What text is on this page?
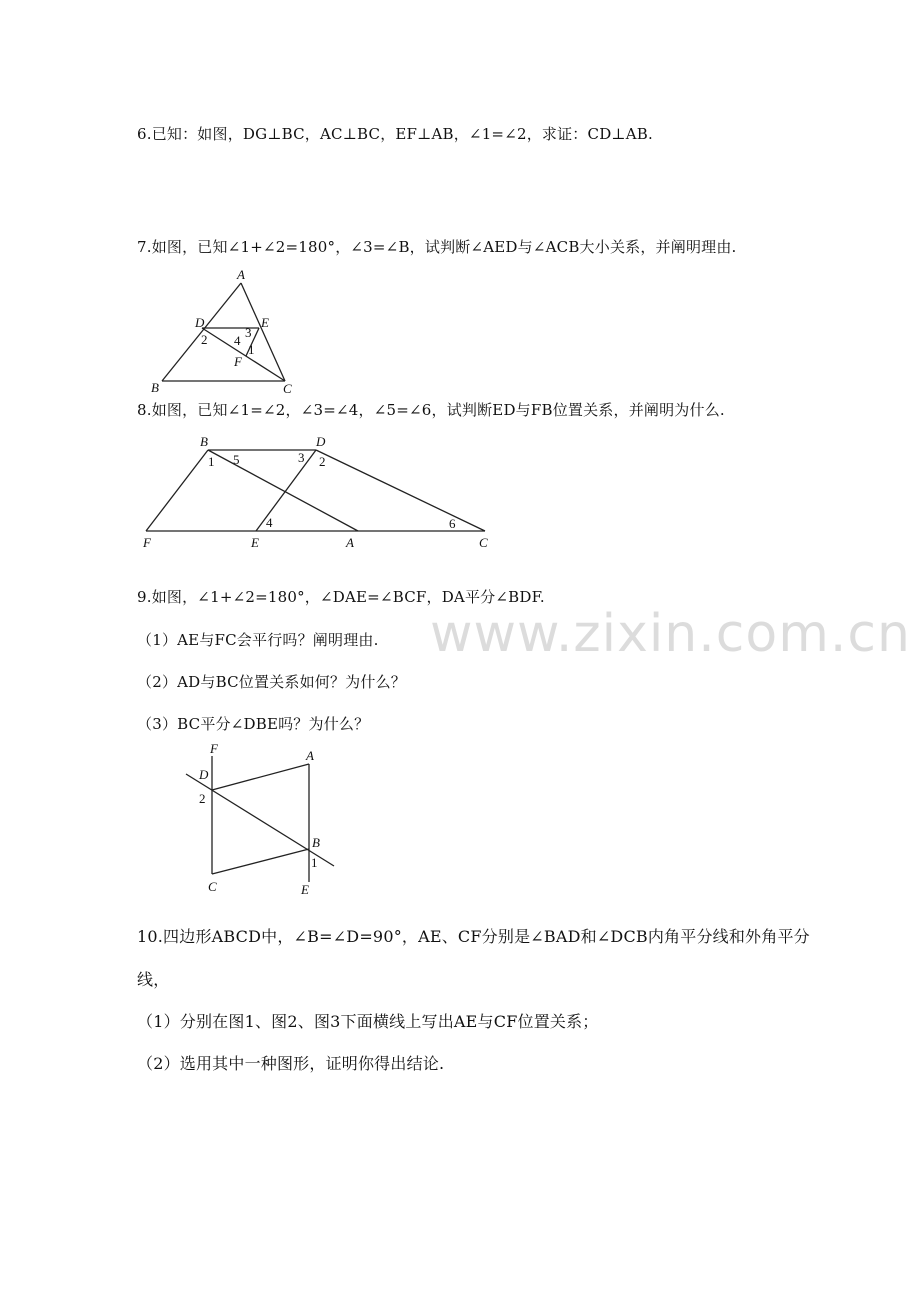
6.已知：如图，DG⊥BC，AC⊥BC，EF⊥AB，∠1=∠2，求证：CD⊥AB.
7.如图，已知∠1+∠2=180°，∠3=∠B，试判断∠AED与∠ACB大小关系，并阐明理由.
A
B	C
D	E
F
1
2	3
4
8.如图，已知∠1=∠2，∠3=∠4，∠5=∠6，试判断ED与FB位置关系，并阐明为什么.
B	D
F	E	A	C
1	2
3
4
5
6
9.如图，∠1+∠2=180°，∠DAE=∠BCF，DA平分∠BDF.
（1）AE与FC会平行吗？阐明理由.
（2）AD与BC位置关系如何？为什么？
（3）BC平分∠DBE吗？为什么？
F	A
D
2
B
1
C	E
10.四边形ABCD中，∠B=∠D=90°，AE、CF分别是∠BAD和∠DCB内角平分线和外角平分
线，
（1）分别在图1、图2、图3下面横线上写出AE与CF位置关系；
（2）选用其中一种图形，证明你得出结论.
www.zixin.com.cn
